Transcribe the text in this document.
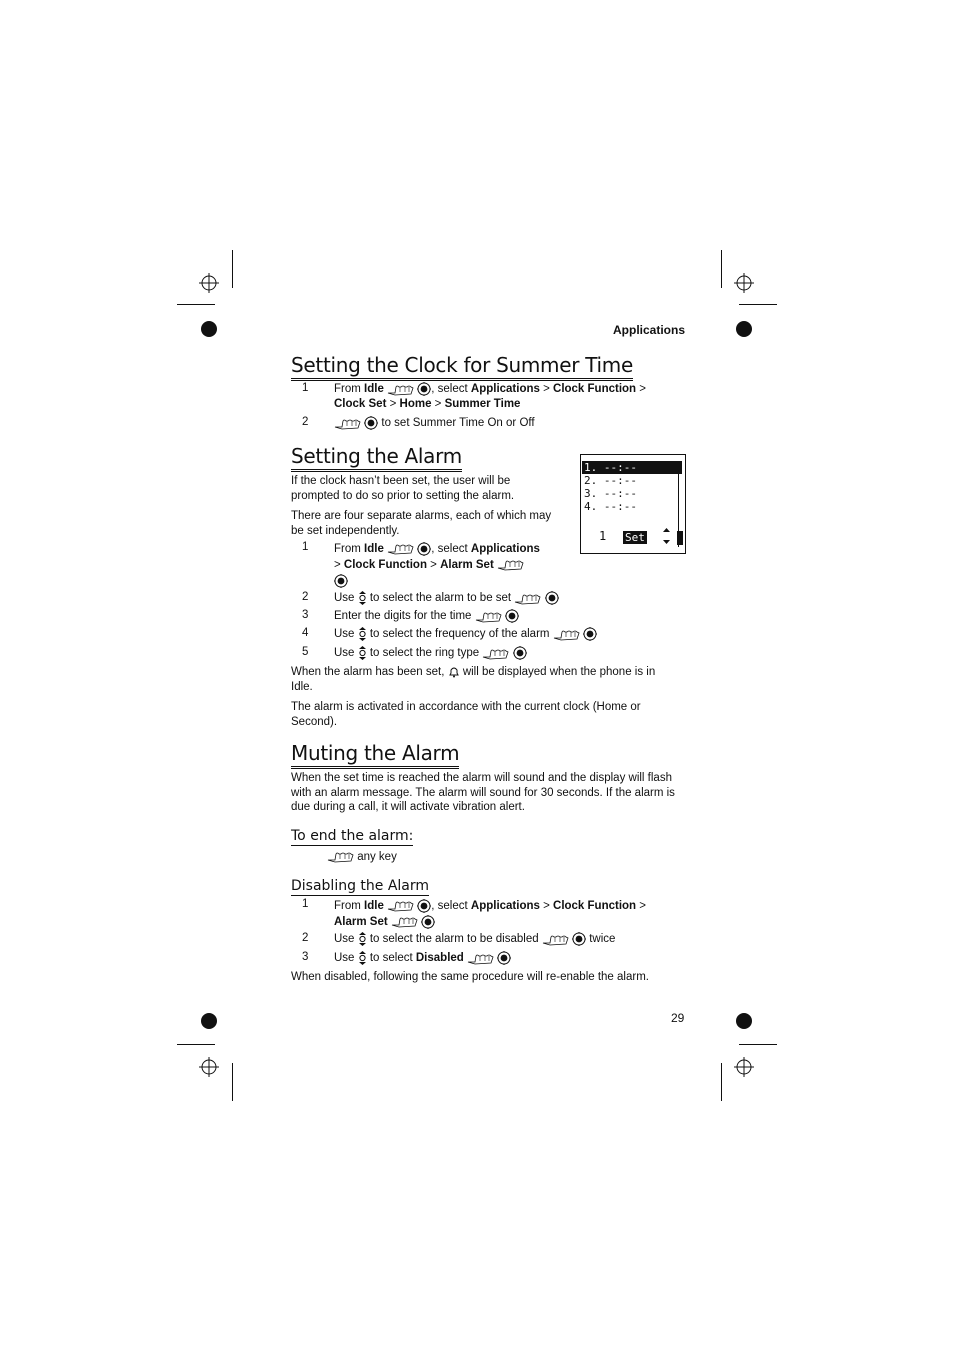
Applications
Setting the Clock for Summer Time
1 From Idle	, select Applications > Clock Function >
Clock Set > Home > Summer Time
2	to set Summer Time On or Off
Setting the Alarm
If the clock hasn’t been set, the user will be prompted to do so prior to setting the alarm.
There are four separate alarms, each of which may be set independently.
1. --:--
2. --:--
3. --:--
4. --:--
1 Set
1 From Idle	, select Applications
> Clock Function > Alarm Set

2 Use  to select the alarm to be set
3 Enter the digits for the time
4 Use  to select the frequency of the alarm
5 Use  to select the ring type
When the alarm has been set,  will be displayed when the phone is in Idle.
The alarm is activated in accordance with the current clock (Home or Second).
Muting the Alarm
When the set time is reached the alarm will sound and the display will flash with an alarm message. The alarm will sound for 30 seconds. If the alarm is due during a call, it will activate vibration alert.
To end the alarm:
any key
Disabling the Alarm
1 From Idle	, select Applications > Clock Function >
Alarm Set
2 Use  to select the alarm to be disabled	twice
3 Use  to select Disabled
When disabled, following the same procedure will re-enable the alarm.
29
